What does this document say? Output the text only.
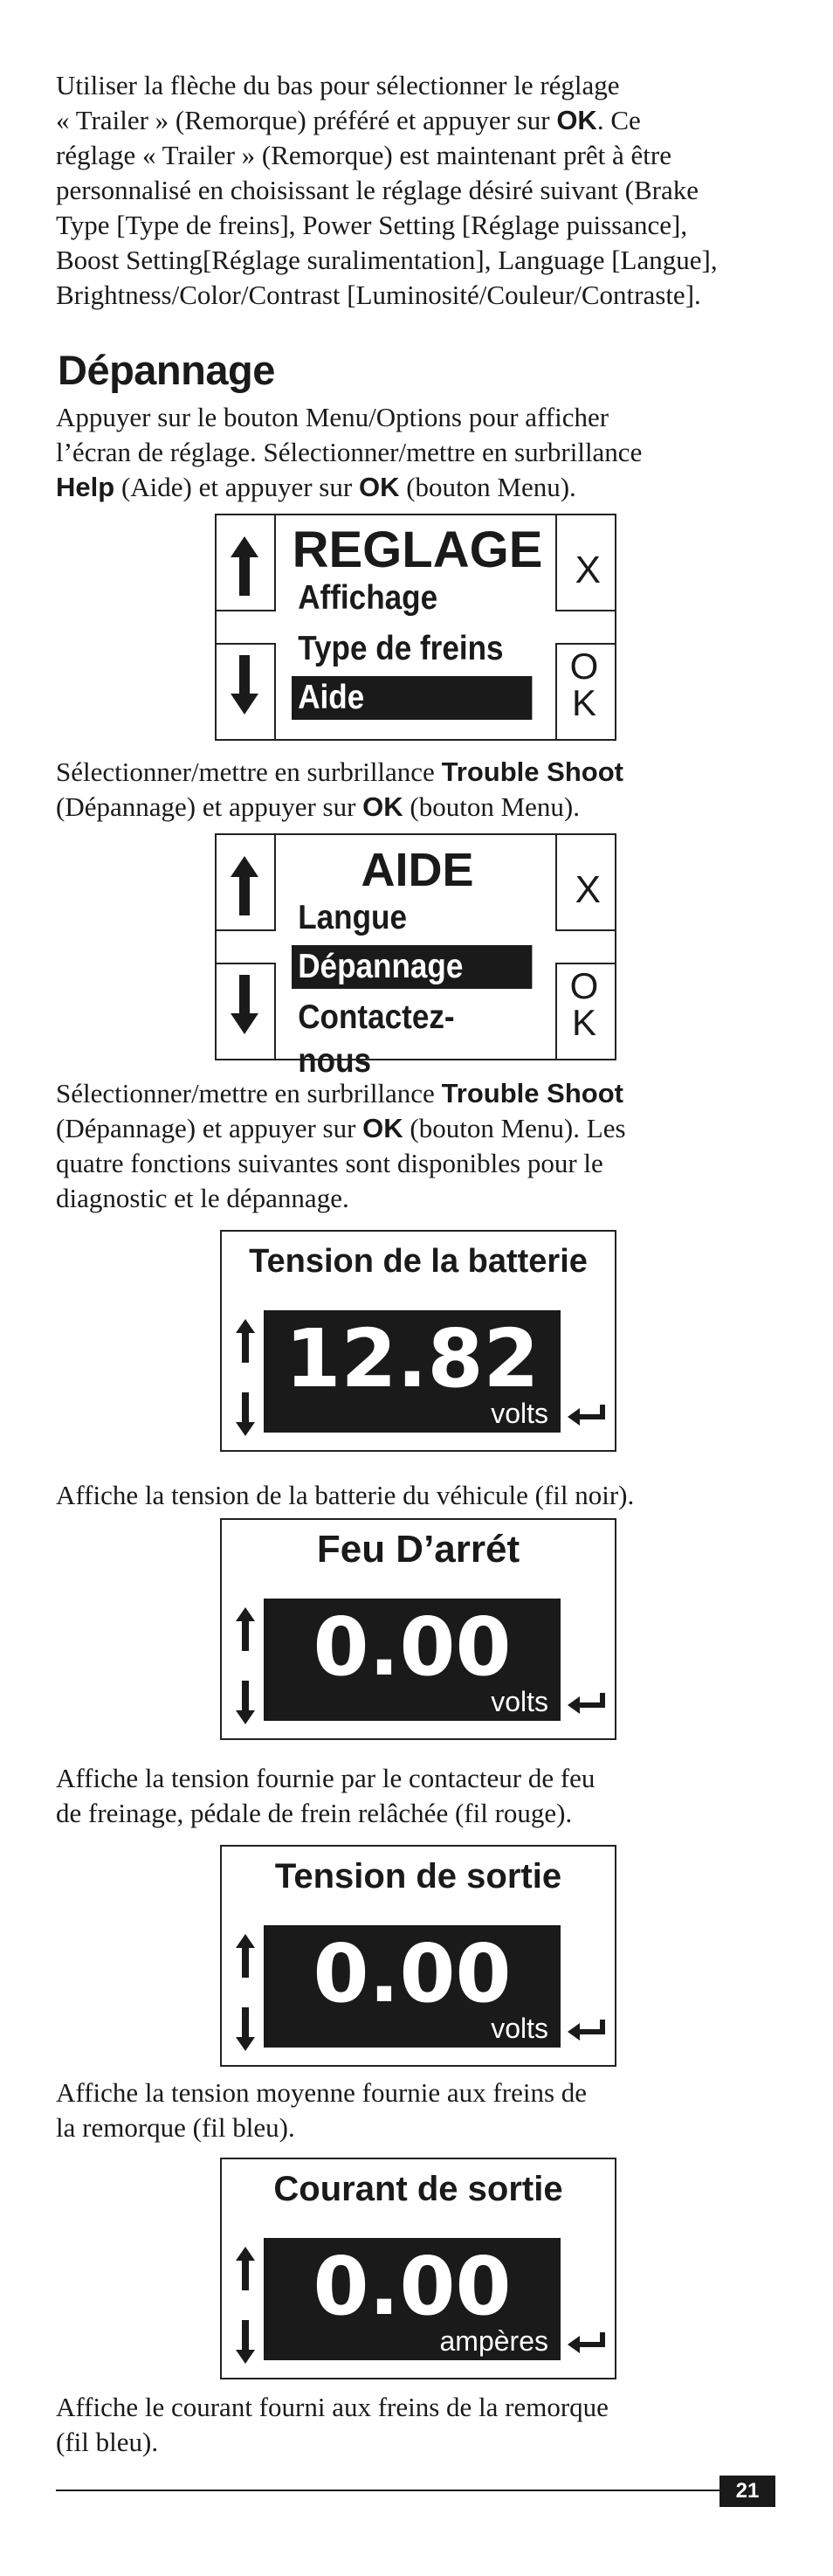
Utiliser la flèche du bas pour sélectionner le réglage
« Trailer » (Remorque) préféré et appuyer sur OK. Ce
réglage « Trailer » (Remorque) est maintenant prêt à être
personnalisé en choisissant le réglage désiré suivant (Brake
Type [Type de freins], Power Setting [Réglage puissance],
Boost Setting[Réglage suralimentation], Language [Langue],
Brightness/Color/Contrast [Luminosité/Couleur/Contraste].
Dépannage
Appuyer sur le bouton Menu/Options pour afficher
l’écran de réglage. Sélectionner/mettre en surbrillance
Help (Aide) et appuyer sur OK (bouton Menu).
X
O
K
REGLAGE
Affichage
Type de freins
Aide
Sélectionner/mettre en surbrillance Trouble Shoot
(Dépannage) et appuyer sur OK (bouton Menu).
X
O
K
AIDE
Langue
Dépannage
Contactez-nous
Sélectionner/mettre en surbrillance Trouble Shoot
(Dépannage) et appuyer sur OK (bouton Menu). Les
quatre fonctions suivantes sont disponibles pour le
diagnostic et le dépannage.
Tension de la batterie
12.82
volts
Affiche la tension de la batterie du véhicule (fil noir).
Feu D’arrét
0.00
volts
Affiche la tension fournie par le contacteur de feu
de freinage, pédale de frein relâchée (fil rouge).
Tension de sortie
0.00
volts
Affiche la tension moyenne fournie aux freins de
la remorque (fil bleu).
Courant de sortie
0.00
ampères
Affiche le courant fourni aux freins de la remorque
(fil bleu).
21
